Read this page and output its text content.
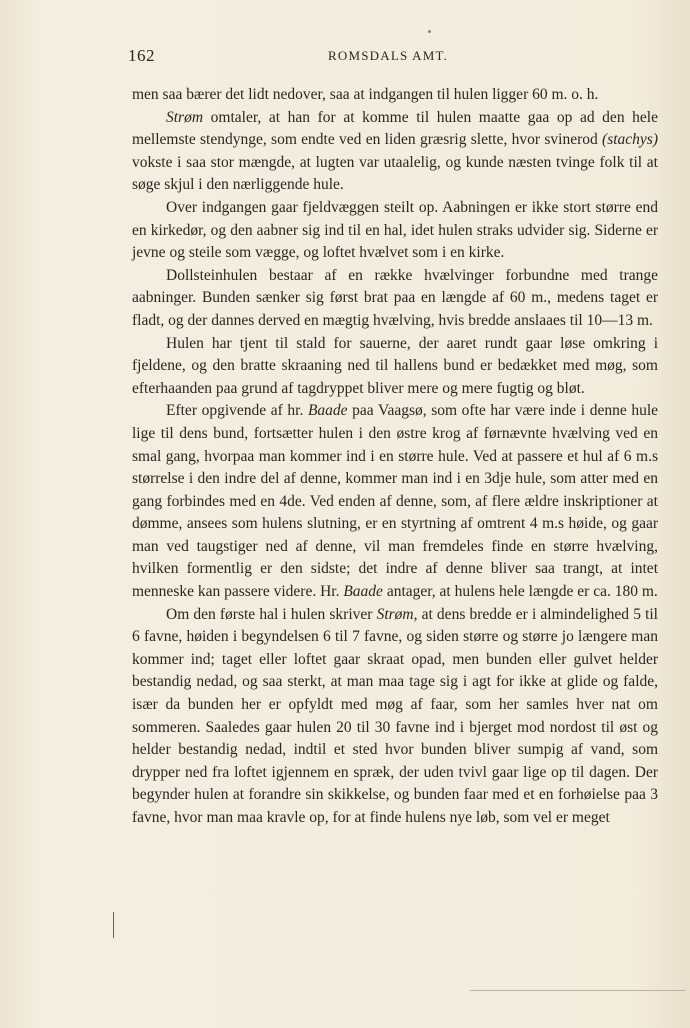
162	ROMSDALS AMT.

men saa bærer det lidt nedover, saa at indgangen til hulen ligger 60 m. o. h.

Strøm omtaler, at han for at komme til hulen maatte gaa op ad den hele mellemste stendynge, som endte ved en liden græsrig slette, hvor svinerod (stachys) vokste i saa stor mængde, at lugten var utaalelig, og kunde næsten tvinge folk til at søge skjul i den nærliggende hule.

Over indgangen gaar fjeldvæggen steilt op. Aabningen er ikke stort større end en kirkedør, og den aabner sig ind til en hal, idet hulen straks udvider sig. Siderne er jevne og steile som vægge, og loftet hvælvet som i en kirke.

Dollsteinhulen bestaar af en række hvælvinger forbundne med trange aabninger. Bunden sænker sig først brat paa en længde af 60 m., medens taget er fladt, og der dannes derved en mægtig hvælving, hvis bredde anslaaes til 10—13 m.

Hulen har tjent til stald for sauerne, der aaret rundt gaar løse omkring i fjeldene, og den bratte skraaning ned til hallens bund er bedækket med møg, som efterhaanden paa grund af tagdryppet bliver mere og mere fugtig og bløt.

Efter opgivende af hr. Baade paa Vaagsø, som ofte har være inde i denne hule lige til dens bund, fortsætter hulen i den østre krog af førnævnte hvælving ved en smal gang, hvorpaa man kommer ind i en større hule. Ved at passere et hul af 6 m.s størrelse i den indre del af denne, kommer man ind i en 3dje hule, som atter med en gang forbindes med en 4de. Ved enden af denne, som, af flere ældre inskriptioner at dømme, ansees som hulens slutning, er en styrtning af omtrent 4 m.s høide, og gaar man ved taugstiger ned af denne, vil man fremdeles finde en større hvælving, hvilken formentlig er den sidste; det indre af denne bliver saa trangt, at intet menneske kan passere videre. Hr. Baade antager, at hulens hele længde er ca. 180 m.

Om den første hal i hulen skriver Strøm, at dens bredde er i almindelighed 5 til 6 favne, høiden i begyndelsen 6 til 7 favne, og siden større og større jo længere man kommer ind; taget eller loftet gaar skraat opad, men bunden eller gulvet helder bestandig nedad, og saa sterkt, at man maa tage sig i agt for ikke at glide og falde, især da bunden her er opfyldt med møg af faar, som her samles hver nat om sommeren. Saaledes gaar hulen 20 til 30 favne ind i bjerget mod nordost til øst og helder bestandig nedad, indtil et sted hvor bunden bliver sumpig af vand, som drypper ned fra loftet igjennem en spræk, der uden tvivl gaar lige op til dagen. Der begynder hulen at forandre sin skikkelse, og bunden faar med et en forhøielse paa 3 favne, hvor man maa kravle op, for at finde hulens nye løb, som vel er meget
